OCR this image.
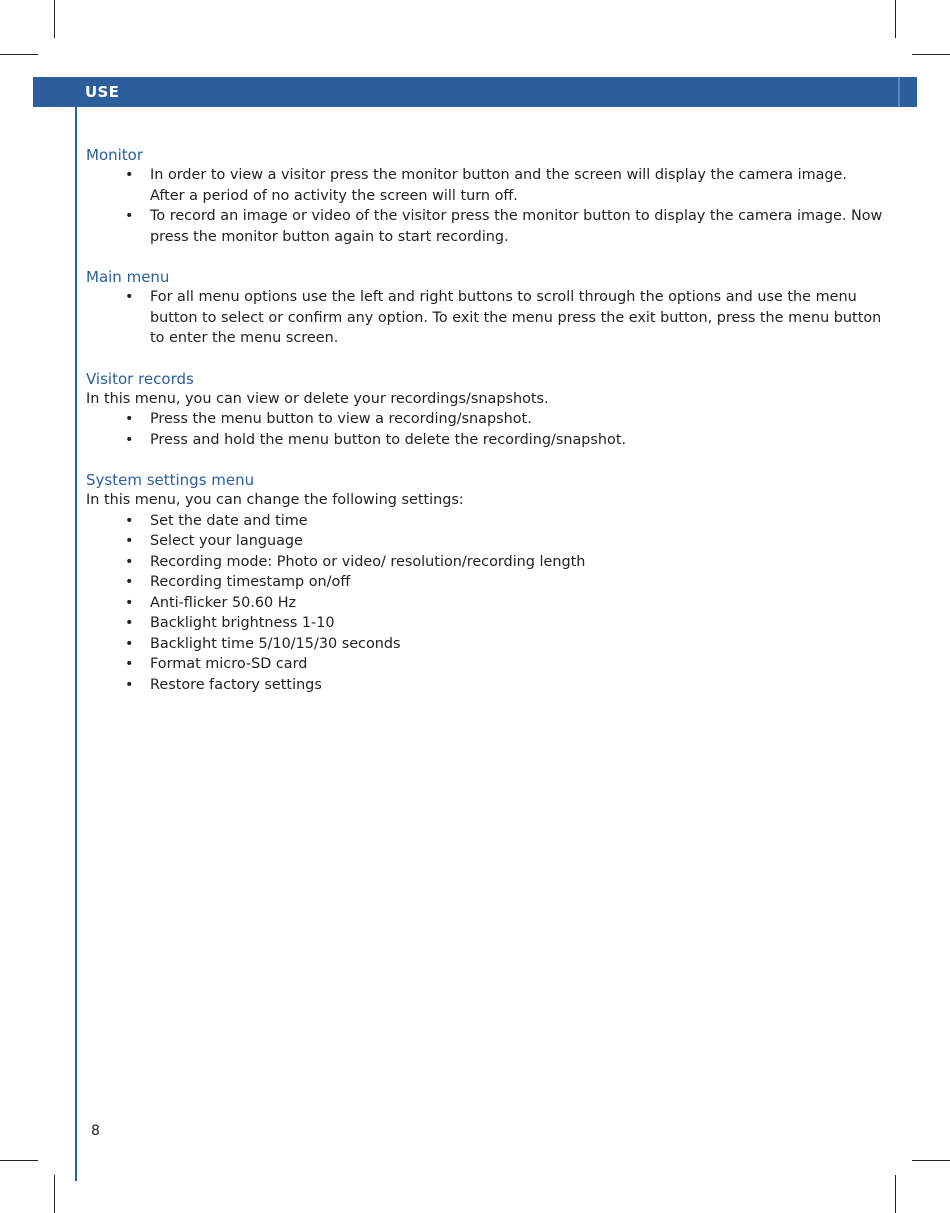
USE
Monitor
• In order to view a visitor press the monitor button and the screen will display the camera image. After a period of no activity the screen will turn off.
• To record an image or video of the visitor press the monitor button to display the camera image. Now press the monitor button again to start recording.
Main menu
• For all menu options use the left and right buttons to scroll through the options and use the menu button to select or confirm any option. To exit the menu press the exit button, press the menu button to enter the menu screen.
Visitor records

In this menu, you can view or delete your recordings/snapshots.

• Press the menu button to view a recording/snapshot.
• Press and hold the menu button to delete the recording/snapshot.
System settings menu

In this menu, you can change the following settings:

• Set the date and time
• Select your language
• Recording mode: Photo or video/ resolution/recording length
• Recording timestamp on/off
• Anti-flicker 50.60 Hz
• Backlight brightness 1-10
• Backlight time 5/10/15/30 seconds
• Format micro-SD card
• Restore factory settings
8
